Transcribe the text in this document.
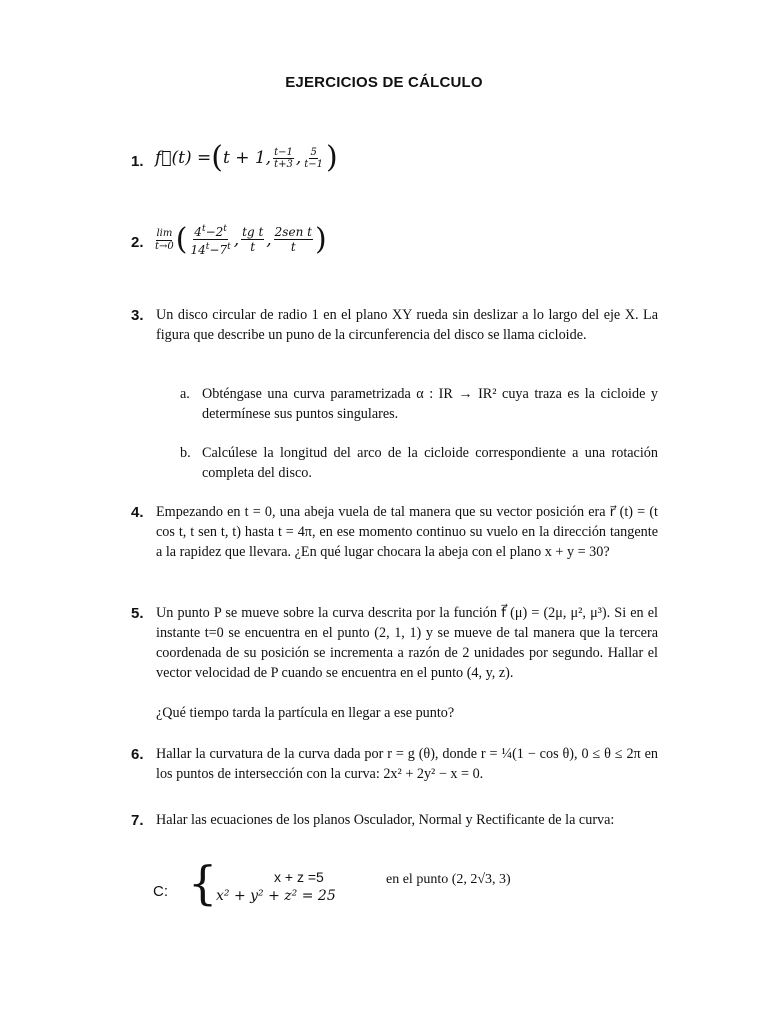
EJERCICIOS DE CÁLCULO
1. f⃗(t) = ( t + 1, $\frac{t-1}{t+3}$ , $\frac{5}{t-1}$ )
2.
lim
t→0 ( $\frac{4^t-2^t}{14^t-7^t}$ , $\frac{\text{tg t}}{t}$ , $\frac{\text{2sen t}}{t}$ )
3. Un disco circular de radio 1 en el plano XY rueda sin deslizar a lo largo del eje X. La figura que describe un puno de la circunferencia del disco se llama cicloide.
a. Obténgase una curva parametrizada α : IR → IR² cuya traza es la cicloide y determínese sus puntos singulares.
b. Calcúlese la longitud del arco de la cicloide correspondiente a una rotación completa del disco.
4. Empezando en t = 0, una abeja vuela de tal manera que su vector posición era r⃗ (t) = (t cos t, t sen t, t) hasta t = 4π, en ese momento continuo su vuelo en la dirección tangente a la rapidez que llevara. ¿En qué lugar chocara la abeja con el plano x + y = 30?
5. Un punto P se mueve sobre la curva descrita por la función f⃗ (μ) = (2μ, μ², μ³). Si en el instante t=0 se encuentra en el punto (2, 1, 1) y se mueve de tal manera que la tercera coordenada de su posición se incrementa a razón de 2 unidades por segundo. Hallar el vector velocidad de P cuando se encuentra en el punto (4, y, z).
¿Qué tiempo tarda la partícula en llegar a ese punto?
6. Hallar la curvatura de la curva dada por r = g (θ), donde r = ¼(1 − cos θ), 0 ≤ θ ≤ 2π en los puntos de intersección con la curva: 2x² + 2y² − x = 0.
7. Halar las ecuaciones de los planos Osculador, Normal y Rectificante de la curva:
C: {	x + z =5
x² + y² + z² = 25
en el punto (2, 2√3, 3)
